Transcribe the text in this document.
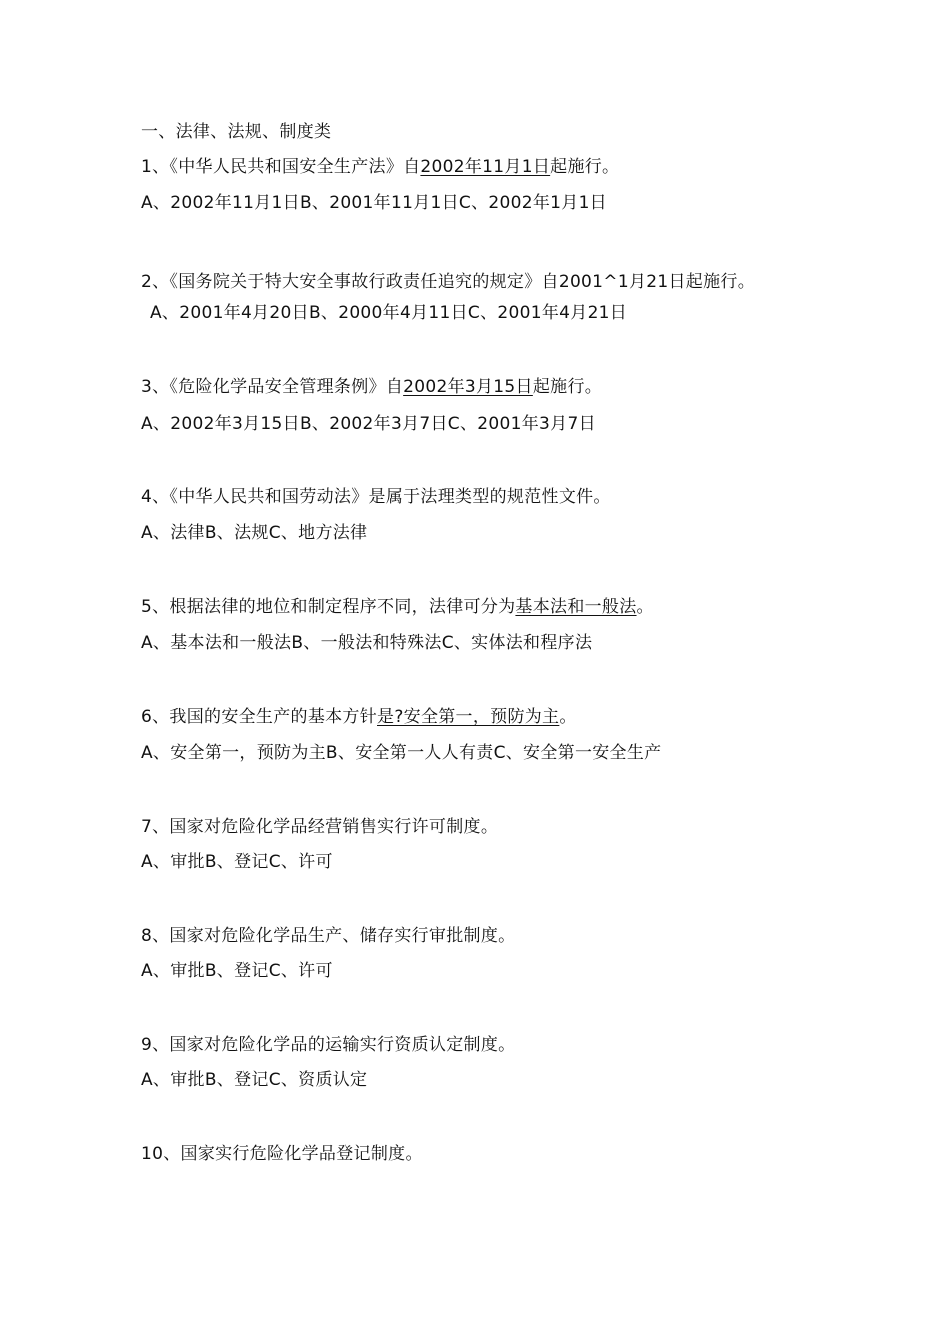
一、法律、法规、制度类
1、《中华人民共和国安全生产法》自2002年11月1日起施行。
A、2002年11月1日B、2001年11月1日C、2002年1月1日
2、《国务院关于特大安全事故行政责任追究的规定》自2001^1月21日起施行。
A、2001年4月20日B、2000年4月11日C、2001年4月21日
3、《危险化学品安全管理条例》自2002年3月15日起施行。
A、2002年3月15日B、2002年3月7日C、2001年3月7日
4、《中华人民共和国劳动法》是属于法理类型的规范性文件。
A、法律B、法规C、地方法律
5、根据法律的地位和制定程序不同，法律可分为基本法和一般法。
A、基本法和一般法B、一般法和特殊法C、实体法和程序法
6、我国的安全生产的基本方针是?安全第一，预防为主。
A、安全第一，预防为主B、安全第一人人有责C、安全第一安全生产
7、国家对危险化学品经营销售实行许可制度。
A、审批B、登记C、许可
8、国家对危险化学品生产、储存实行审批制度。
A、审批B、登记C、许可
9、国家对危险化学品的运输实行资质认定制度。
A、审批B、登记C、资质认定
10、国家实行危险化学品登记制度。
